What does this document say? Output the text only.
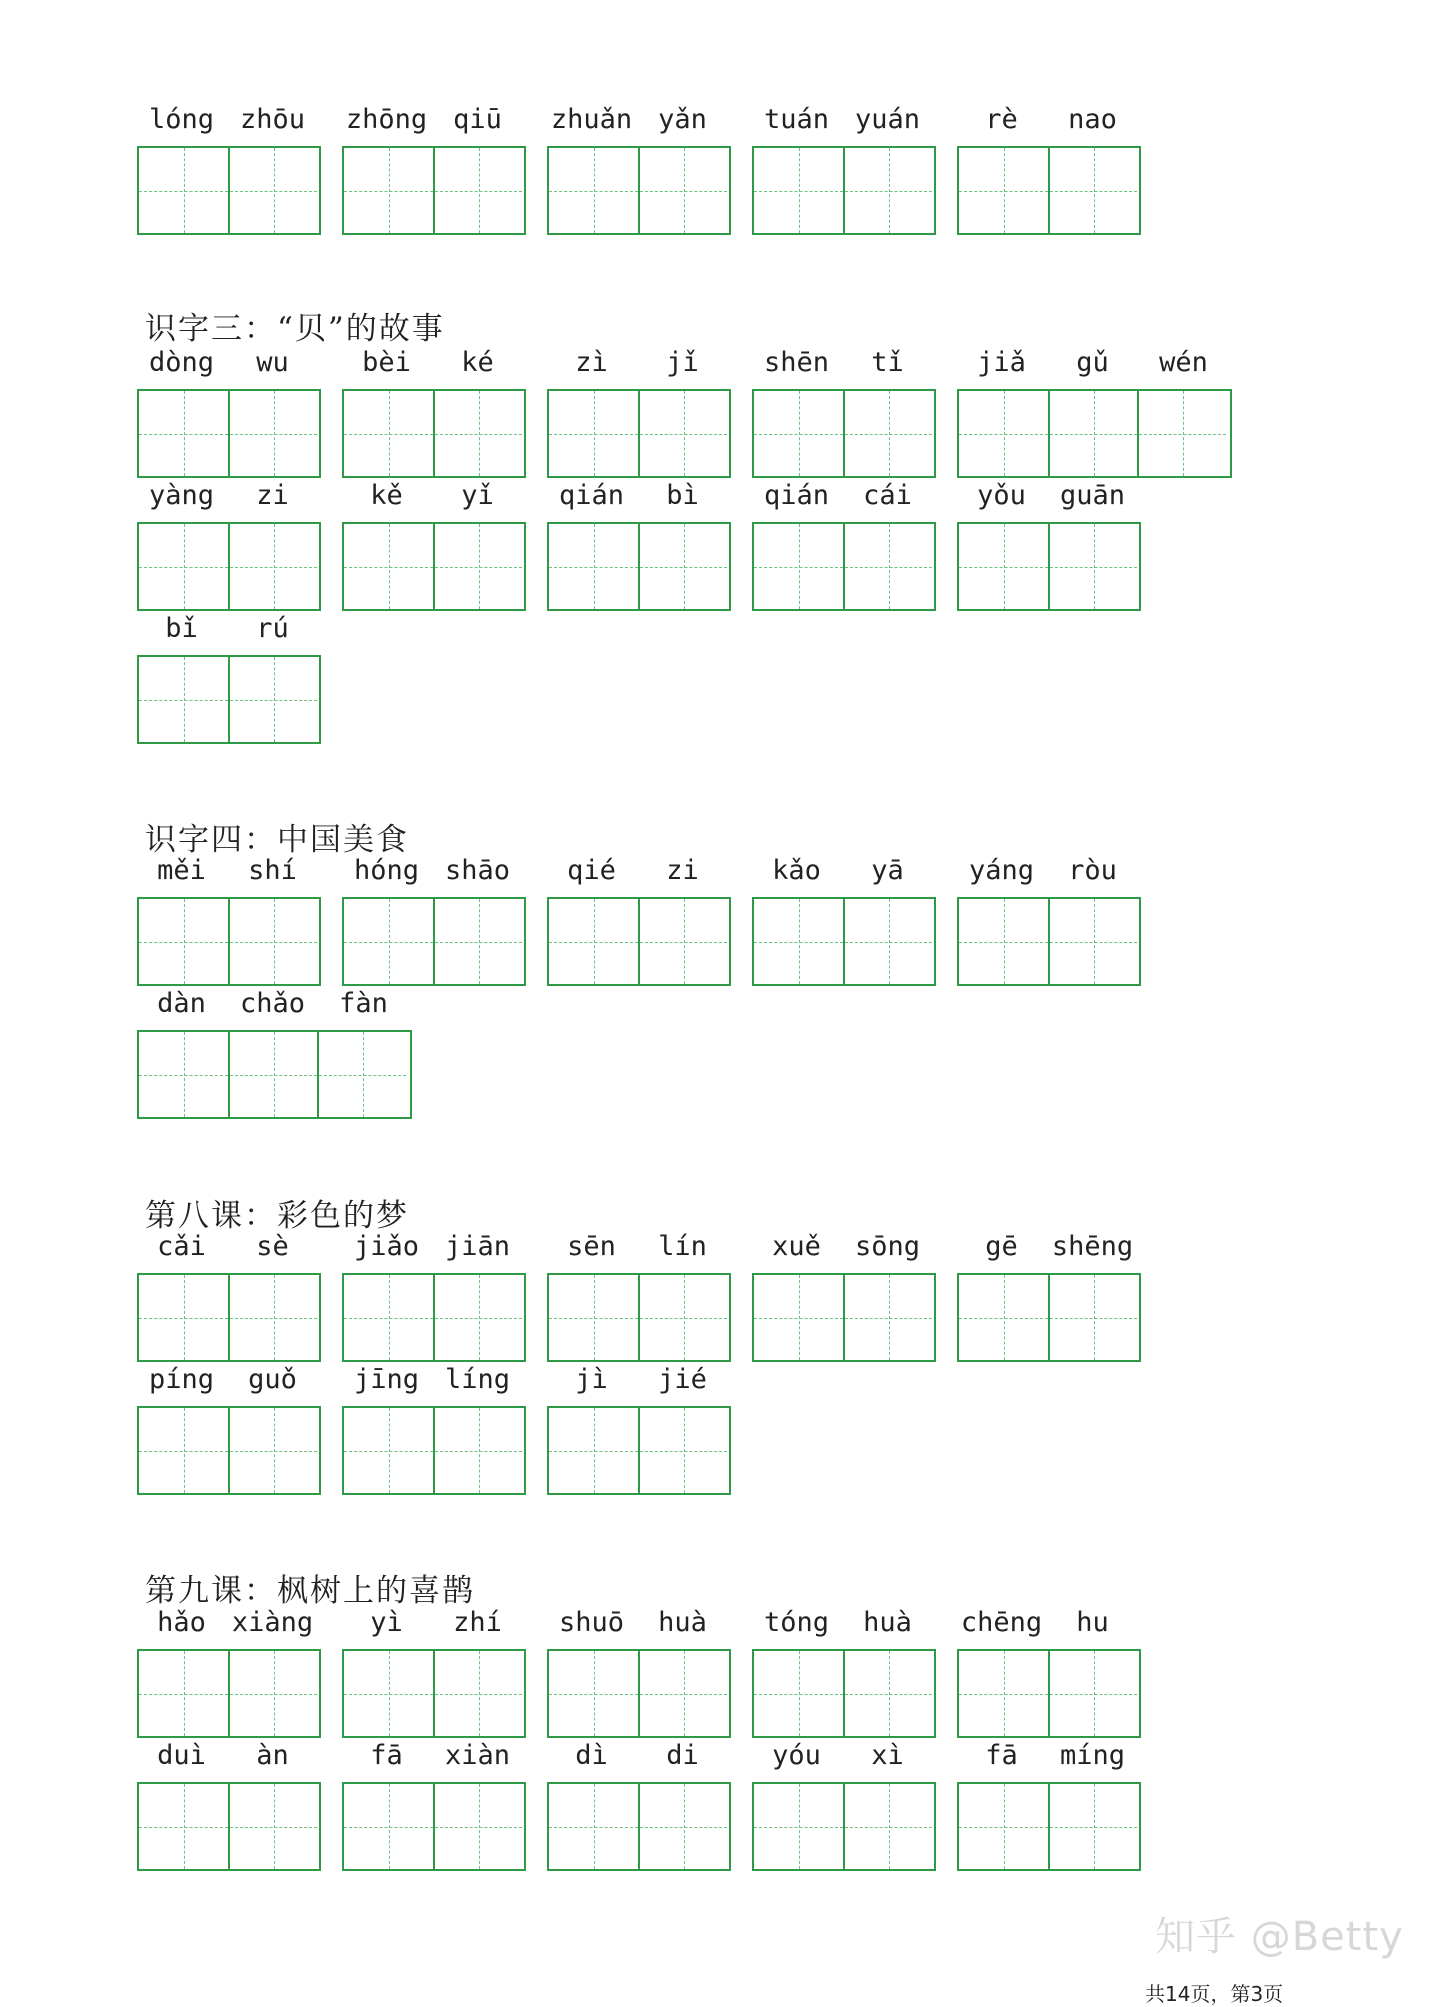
lóng zhōu	zhōng qiū	zhuǎn yǎn	tuán yuán	rè	nao
识字三：“贝”的故事
dòng	wu	bèi	ké	zì	jǐ	shēn	tǐ	jiǎ	gǔ	wén
yàng	zi	kě	yǐ	qián	bì	qián	cái	yǒu	guān
bǐ	rú
识字四：中国美食
měi	shí	hóng shāo	qié	zi	kǎo	yā	yáng	ròu
dàn	chǎo	fàn
第八课：彩色的梦
cǎi	sè	jiǎo jiān	sēn	lín	xuě	sōng	gē	shēng
píng	guǒ	jīng líng	jì	jié
第九课：枫树上的喜鹊
hǎo xiàng	yì	zhí	shuō	huà	tóng	huà	chēng	hu
duì	àn	fā	xiàn	dì	di	yóu	xì	fā	míng
知乎 @Betty
共14页，第3页
